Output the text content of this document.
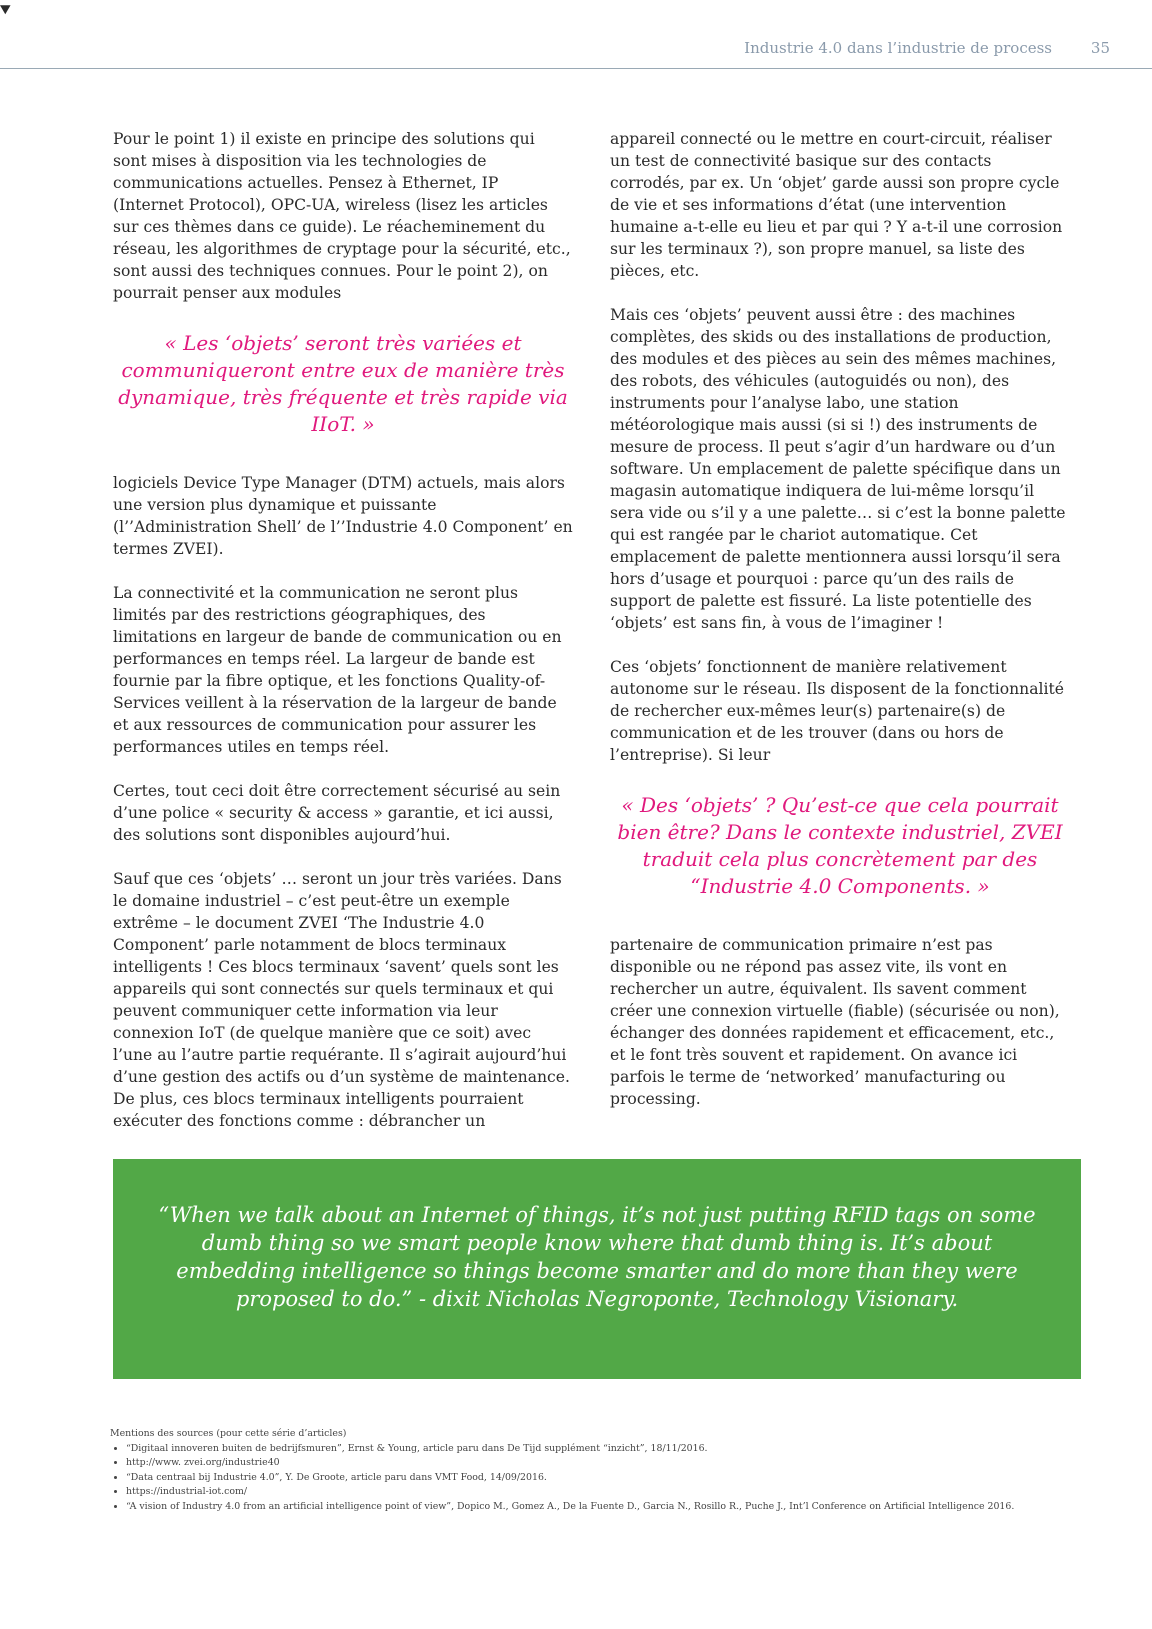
Industrie 4.0 dans l’industrie de process	35

Pour le point 1) il existe en principe des solutions qui sont mises à disposition via les technologies de communications actuelles. Pensez à Ethernet, IP (Internet Protocol), OPC-UA, wireless (lisez les articles sur ces thèmes dans ce guide). Le réacheminement du réseau, les algorithmes de cryptage pour la sécurité, etc., sont aussi des techniques connues. Pour le point 2), on pourrait penser aux modules

« Les ‘objets’ seront très variées et communiqueront entre eux de manière très dynamique, très fréquente et très rapide via IIoT. »

logiciels Device Type Manager (DTM) actuels, mais alors une version plus dynamique et puissante (l’’Administration Shell’ de l’’Industrie 4.0 Component’ en termes ZVEI).

La connectivité et la communication ne seront plus limités par des restrictions géographiques, des limitations en largeur de bande de communication ou en performances en temps réel. La largeur de bande est fournie par la fibre optique, et les fonctions Quality-of-Services veillent à la réservation de la largeur de bande et aux ressources de communication pour assurer les performances utiles en temps réel.

Certes, tout ceci doit être correctement sécurisé au sein d’une police « security & access » garantie, et ici aussi, des solutions sont disponibles aujourd’hui.

Sauf que ces ‘objets’ … seront un jour très variées. Dans le domaine industriel – c’est peut-être un exemple extrême – le document ZVEI ‘The Industrie 4.0 Component’ parle notamment de blocs terminaux intelligents ! Ces blocs terminaux ‘savent’ quels sont les appareils qui sont connectés sur quels terminaux et qui peuvent communiquer cette information via leur connexion IoT (de quelque manière que ce soit) avec l’une au l’autre partie requérante. Il s’agirait aujourd’hui d’une gestion des actifs ou d’un système de maintenance. De plus, ces blocs terminaux intelligents pourraient exécuter des fonctions comme : débrancher un

appareil connecté ou le mettre en court-circuit, réaliser un test de connectivité basique sur des contacts corrodés, par ex. Un ‘objet’ garde aussi son propre cycle de vie et ses informations d’état (une intervention humaine a-t-elle eu lieu et par qui ? Y a-t-il une corrosion sur les terminaux ?), son propre manuel, sa liste des pièces, etc.

Mais ces ‘objets’ peuvent aussi être : des machines complètes, des skids ou des installations de production, des modules et des pièces au sein des mêmes machines, des robots, des véhicules (autoguidés ou non), des instruments pour l’analyse labo, une station météorologique mais aussi (si si !) des instruments de mesure de process. Il peut s’agir d’un hardware ou d’un software. Un emplacement de palette spécifique dans un magasin automatique indiquera de lui-même lorsqu’il sera vide ou s’il y a une palette… si c’est la bonne palette qui est rangée par le chariot automatique. Cet emplacement de palette mentionnera aussi lorsqu’il sera hors d’usage et pourquoi : parce qu’un des rails de support de palette est fissuré. La liste potentielle des ‘objets’ est sans fin, à vous de l’imaginer !

Ces ‘objets’ fonctionnent de manière relativement autonome sur le réseau. Ils disposent de la fonctionnalité de rechercher eux-mêmes leur(s) partenaire(s) de communication et de les trouver (dans ou hors de l’entreprise). Si leur

« Des ‘objets’ ? Qu’est-ce que cela pourrait bien être? Dans le contexte industriel, ZVEI traduit cela plus concrètement par des “Industrie 4.0 Components. »

partenaire de communication primaire n’est pas disponible ou ne répond pas assez vite, ils vont en rechercher un autre, équivalent. Ils savent comment créer une connexion virtuelle (fiable) (sécurisée ou non), échanger des données rapidement et efficacement, etc., et le font très souvent et rapidement. On avance ici parfois le terme de ‘networked’ manufacturing ou processing.

“When we talk about an Internet of things, it’s not just putting RFID tags on some dumb thing so we smart people know where that dumb thing is. It’s about embedding intelligence so things become smarter and do more than they were proposed to do.” - dixit Nicholas Negroponte, Technology Visionary.

Mentions des sources (pour cette série d’articles)
• “Digitaal innoveren buiten de bedrijfsmuren”, Ernst & Young, article paru dans De Tijd supplément “inzicht”, 18/11/2016.
• http://www. zvei.org/industrie40
• “Data centraal bij Industrie 4.0”, Y. De Groote, article paru dans VMT Food, 14/09/2016.
• https://industrial-iot.com/
• “A vision of Industry 4.0 from an artificial intelligence point of view”, Dopico M., Gomez A., De la Fuente D., Garcia N., Rosillo R., Puche J., Int’l Conference on Artificial Intelligence 2016.
